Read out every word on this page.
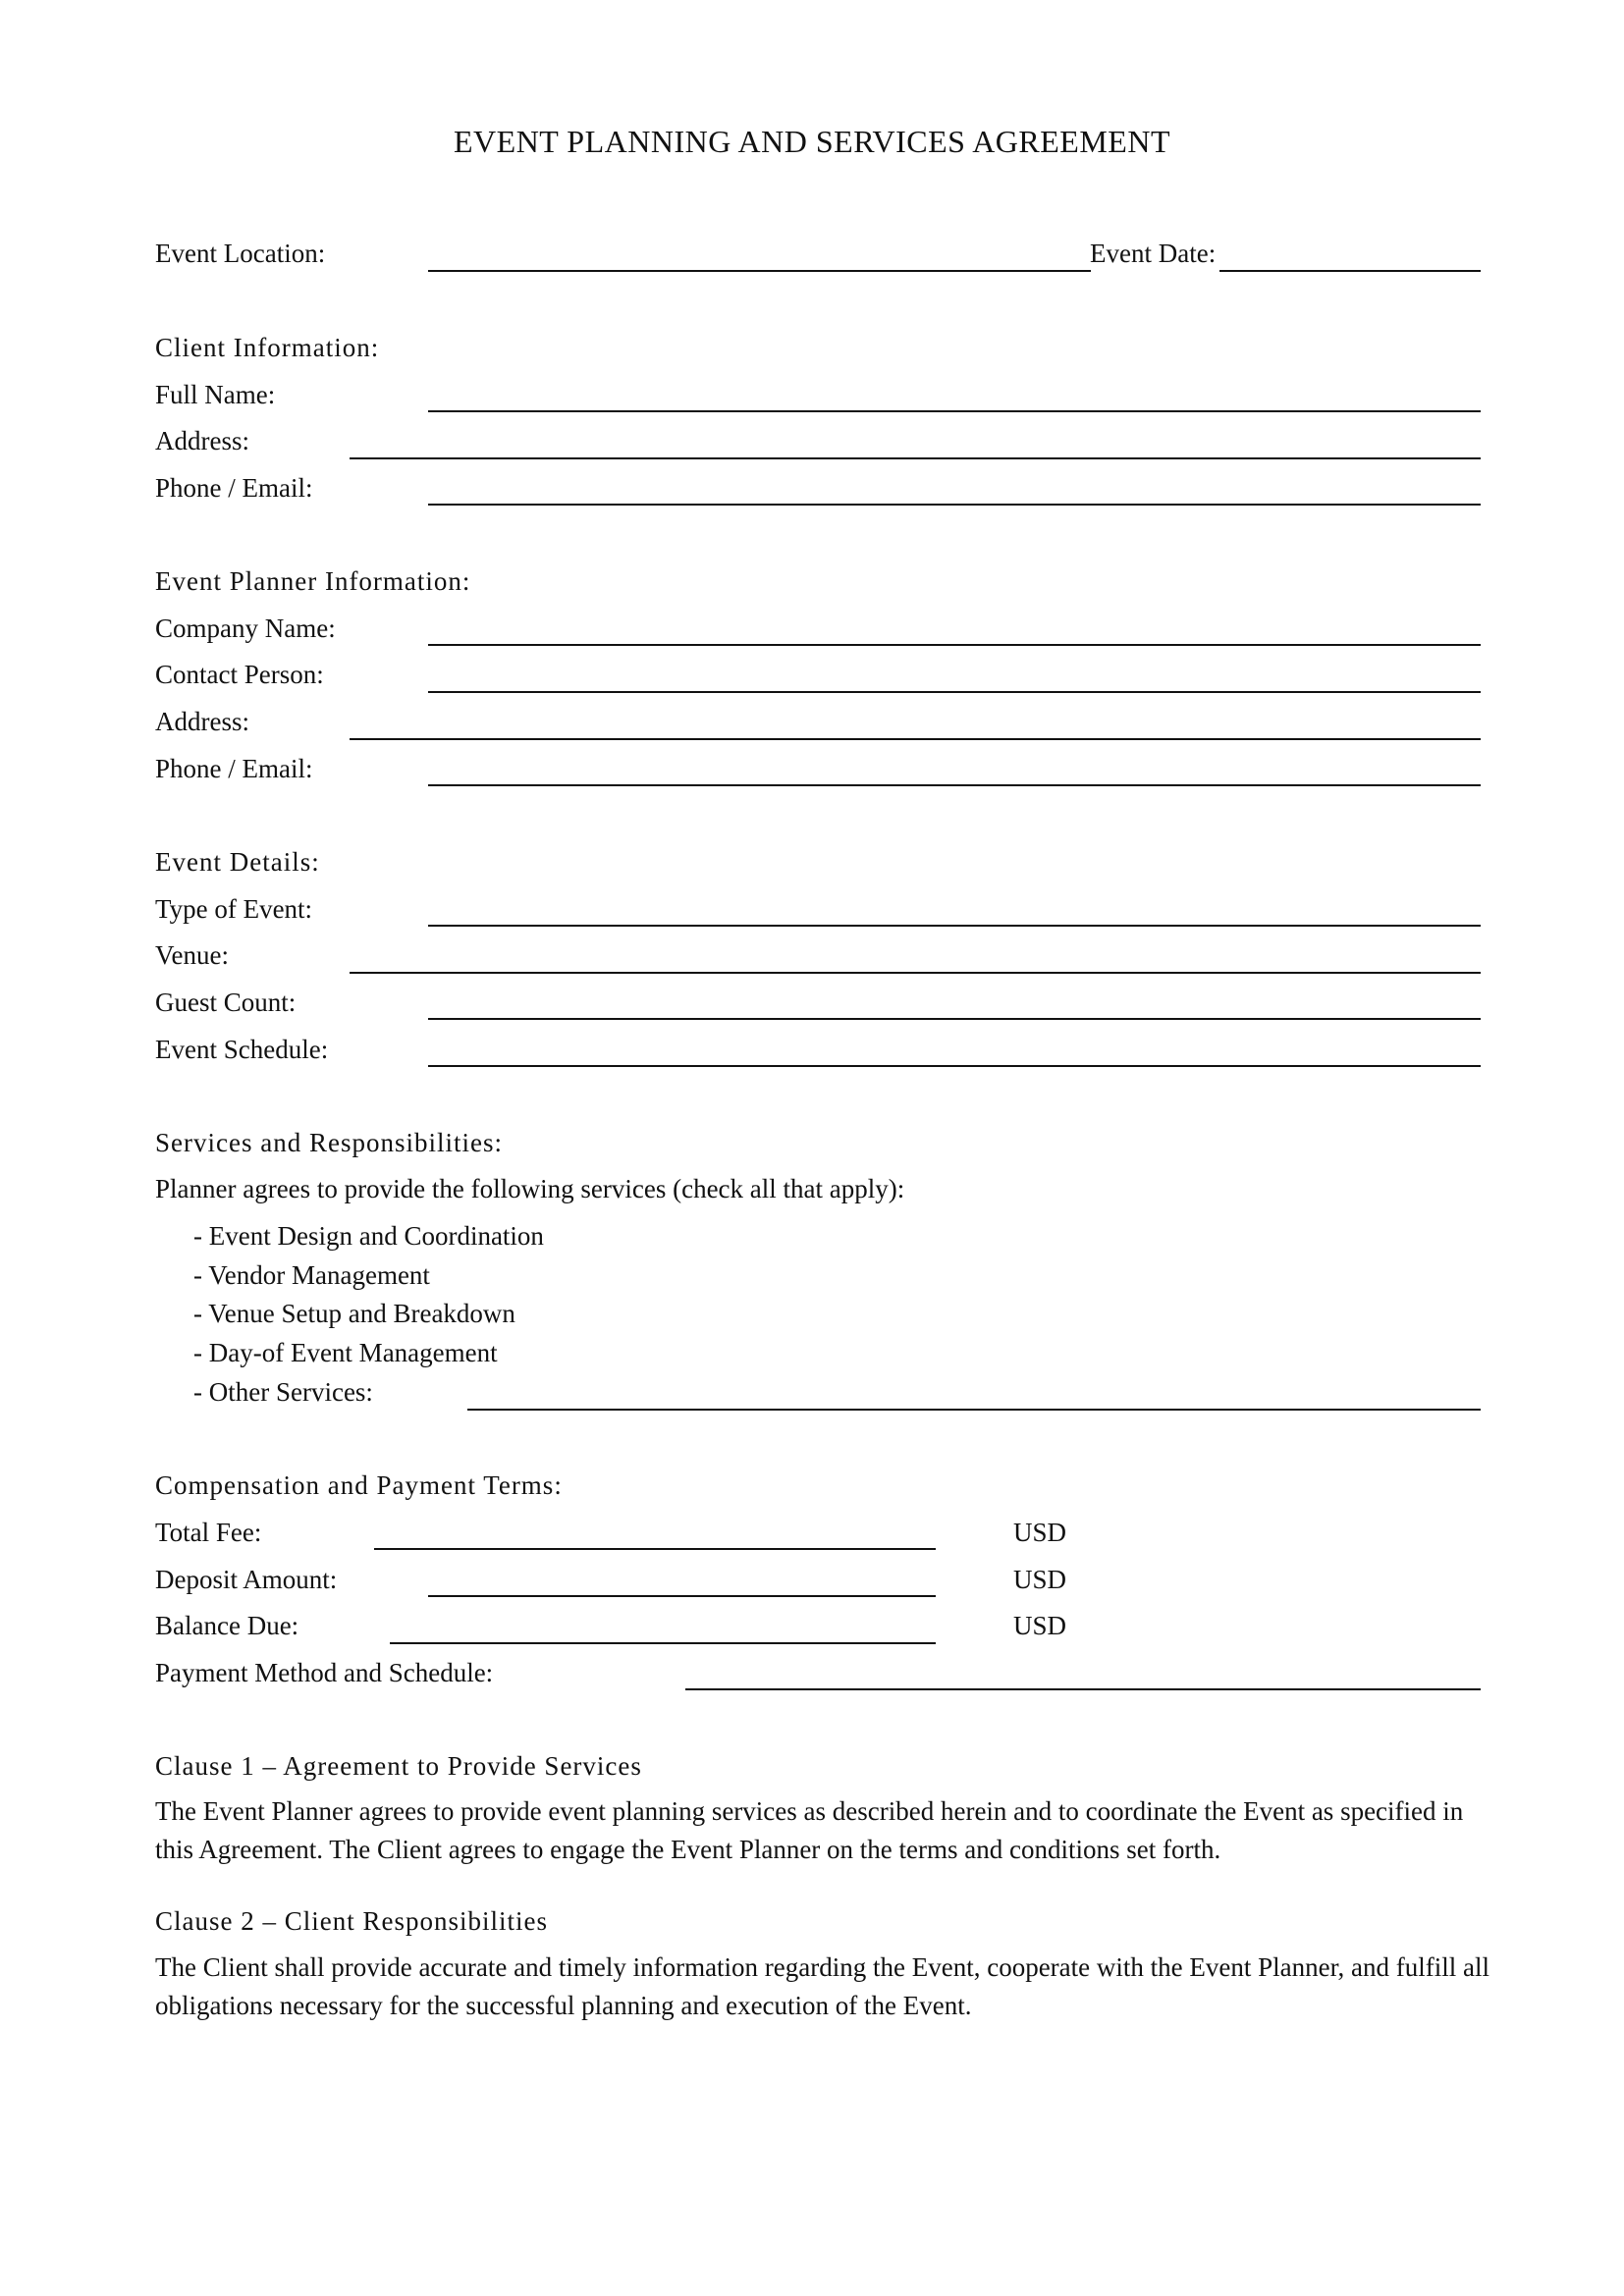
EVENT PLANNING AND SERVICES AGREEMENT
Event Location:	Event Date:
Client Information:
Full Name:
Address:
Phone / Email:
Event Planner Information:
Company Name:
Contact Person:
Address:
Phone / Email:
Event Details:
Type of Event:
Venue:
Guest Count:
Event Schedule:
Services and Responsibilities:
Planner agrees to provide the following services (check all that apply):
- Event Design and Coordination
- Vendor Management
- Venue Setup and Breakdown
- Day-of Event Management
- Other Services:
Compensation and Payment Terms:
Total Fee:	USD
Deposit Amount:	USD
Balance Due:	USD
Payment Method and Schedule:
Clause 1 – Agreement to Provide Services
The Event Planner agrees to provide event planning services as described herein and to coordinate the Event as specified in this Agreement. The Client agrees to engage the Event Planner on the terms and conditions set forth.
Clause 2 – Client Responsibilities
The Client shall provide accurate and timely information regarding the Event, cooperate with the Event Planner, and fulfill all obligations necessary for the successful planning and execution of the Event.
